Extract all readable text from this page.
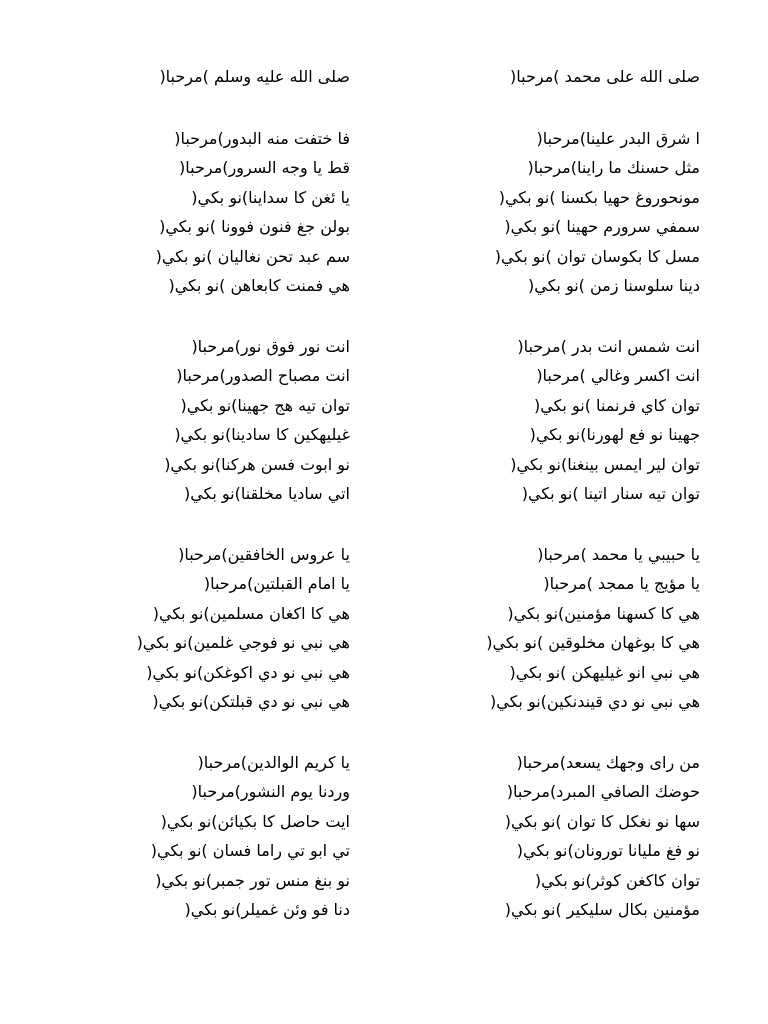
صلى الله على محمد )مرحبا(
ا شرق البدر علينا)مرحبا(
مثل حسنك ما راينا)مرحبا(
مونحوروغ حهيا بكسنا )نو بكي(
سمفي سرورم حهينا )نو بكي(
مسل كا بكوسان توان )نو بكي(
دينا سلوسنا زمن )نو بكي(
انت شمس انت بدر )مرحبا(
انت اكسر وغالي )مرحبا(
توان كاي فرنمنا )نو بكي(
جهينا نو فع لهورنا)نو بكي(
توان لير ايمس بينغنا)نو بكي(
توان تيه سنار اتينا )نو بكي(
يا حبيبي يا محمد )مرحبا(
يا مؤيج يا ممجد )مرحبا(
هي كا كسهنا مؤمنين)نو بكي(
هي كا بوغهان مخلوقين )نو بكي(
هي نبي انو غيليهكن )نو بكي(
هي نبي نو دي قيندنكين)نو بكي(
من راى وجهك يسعد)مرحبا(
حوضك الصافي المبرد)مرحبا(
سها نو نغكل كا توان )نو بكي(
نو فغ مليانا تورونان)نو بكي(
توان كاكغن كوثر)نو بكي(
مؤمنين بكال سليكير )نو بكي(
صلى الله عليه وسلم )مرحبا(
فا ختفت منه البدور)مرحبا(
قط يا وجه السرور)مرحبا(
يا ئغن كا سداينا)نو بكي(
بولن جغ فنون فوونا )نو بكي(
سم عبد تحن نغاليان )نو بكي(
هي فمنت كابعاهن )نو بكي(
انت نور فوق نور)مرحبا(
انت مصباح الصدور)مرحبا(
توان تيه هج جهينا)نو بكي(
غيليهكين كا سادينا)نو بكي(
نو ابوت فسن هركنا)نو بكي(
اتي ساديا مخلقنا)نو بكي(
يا عروس الخافقين)مرحبا(
يا امام القبلتين)مرحبا(
هي كا اكغان مسلمين)نو بكي(
هي نبي نو فوجي غلمين)نو بكي(
هي نبي نو دي اكوغكن)نو بكي(
هي نبي نو دي قبلتكن)نو بكي(
يا كريم الوالدين)مرحبا(
وردنا يوم النشور)مرحبا(
ايت حاصل كا بكيائن)نو بكي(
تي ابو تي راما فسان )نو بكي(
نو بنغ منس تور جمبر)نو بكي(
دنا فو وئن غميلر)نو بكي(
